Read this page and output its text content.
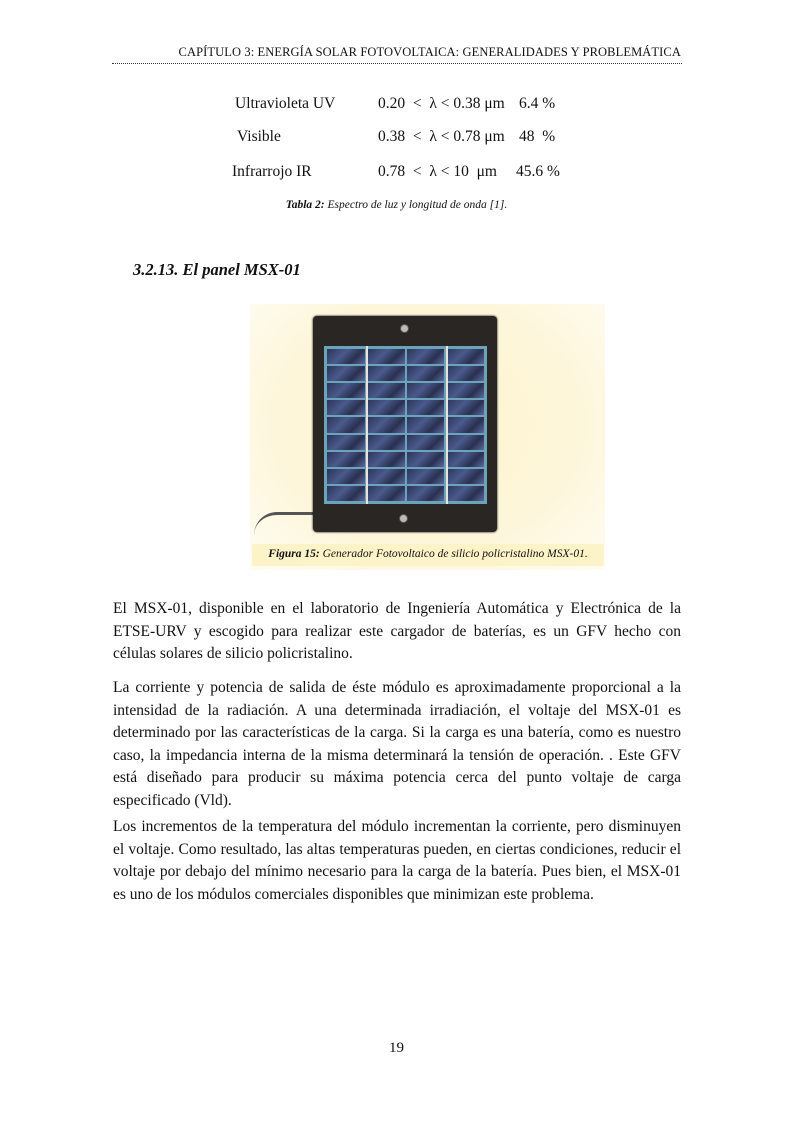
CAPÍTULO 3: ENERGÍA SOLAR FOTOVOLTAICA: GENERALIDADES Y PROBLEMÁTICA
Ultravioleta UV	0.20  <  λ < 0.38 μm 6.4 %
Visible	0.38  <  λ < 0.78 μm 48  %
Infrarrojo IR	0.78  <  λ < 10  μm 45.6 %
Tabla 2: Espectro de luz y longitud de onda [1].
3.2.13. El panel MSX-01
Figura 15: Generador Fotovoltaico de silicio policristalino MSX-01.
El MSX-01, disponible en el laboratorio de Ingeniería Automática y Electrónica de la ETSE-URV y escogido para realizar este cargador de baterías, es un GFV hecho con células solares de silicio policristalino.
La corriente y potencia de salida de éste módulo es aproximadamente proporcional a la intensidad de la radiación. A una determinada irradiación, el voltaje del MSX-01 es determinado por las características de la carga. Si la carga es una batería, como es nuestro caso, la impedancia interna de la misma determinará la tensión de operación. . Este GFV está diseñado para producir su máxima potencia cerca del punto voltaje de carga especificado (Vld).
Los incrementos de la temperatura del módulo incrementan la corriente, pero disminuyen el voltaje. Como resultado, las altas temperaturas pueden, en ciertas condiciones, reducir el voltaje por debajo del mínimo necesario para la carga de la batería. Pues bien, el MSX-01 es uno de los módulos comerciales disponibles que minimizan este problema.
19
